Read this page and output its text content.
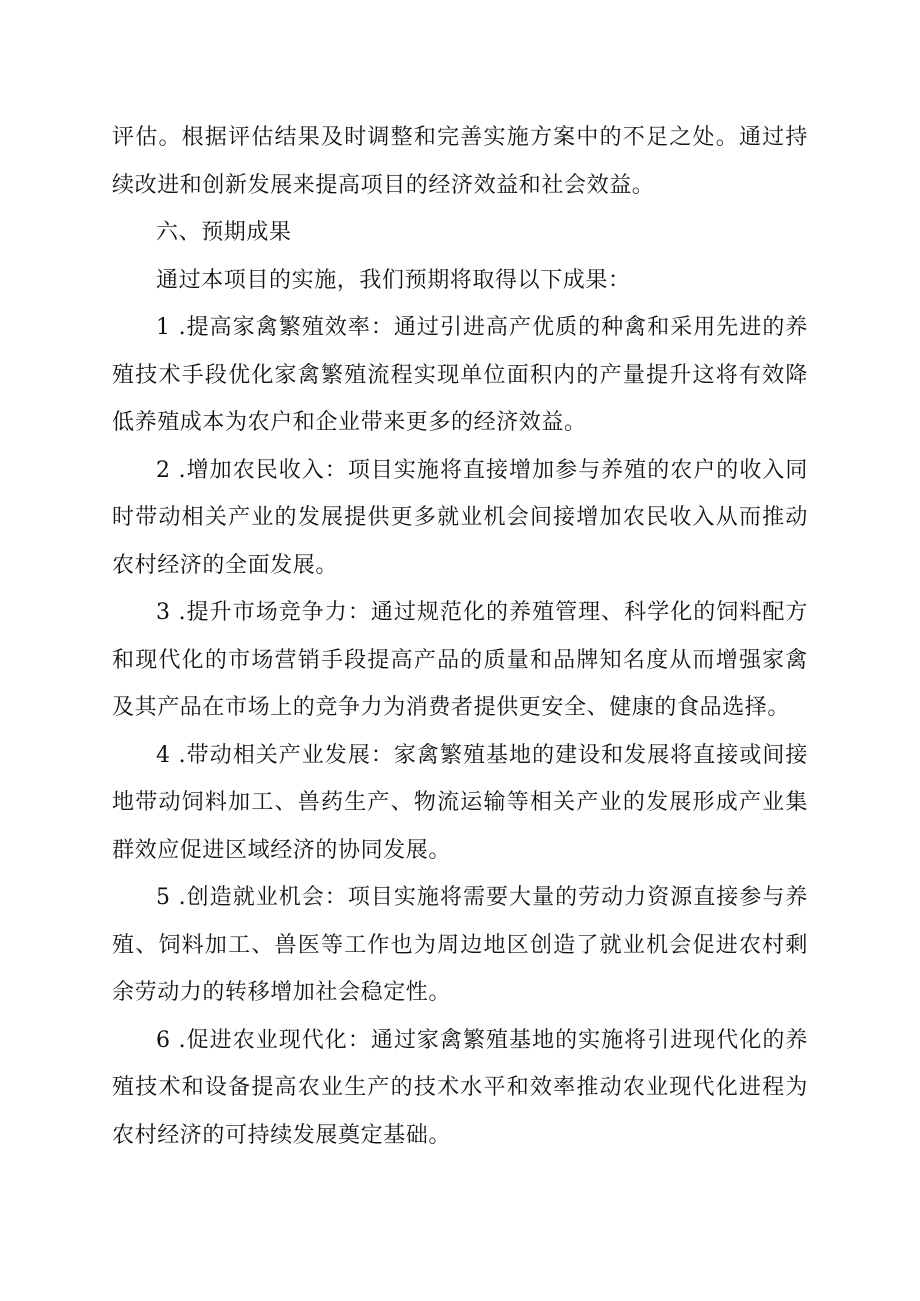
评估。根据评估结果及时调整和完善实施方案中的不足之处。通过持续改进和创新发展来提高项目的经济效益和社会效益。

六、预期成果

通过本项目的实施，我们预期将取得以下成果：

1 .提高家禽繁殖效率：通过引进高产优质的种禽和采用先进的养殖技术手段优化家禽繁殖流程实现单位面积内的产量提升这将有效降低养殖成本为农户和企业带来更多的经济效益。

2 .增加农民收入：项目实施将直接增加参与养殖的农户的收入同时带动相关产业的发展提供更多就业机会间接增加农民收入从而推动农村经济的全面发展。

3 .提升市场竞争力：通过规范化的养殖管理、科学化的饲料配方和现代化的市场营销手段提高产品的质量和品牌知名度从而增强家禽及其产品在市场上的竞争力为消费者提供更安全、健康的食品选择。

4 .带动相关产业发展：家禽繁殖基地的建设和发展将直接或间接地带动饲料加工、兽药生产、物流运输等相关产业的发展形成产业集群效应促进区域经济的协同发展。

5 .创造就业机会：项目实施将需要大量的劳动力资源直接参与养殖、饲料加工、兽医等工作也为周边地区创造了就业机会促进农村剩余劳动力的转移增加社会稳定性。

6 .促进农业现代化：通过家禽繁殖基地的实施将引进现代化的养殖技术和设备提高农业生产的技术水平和效率推动农业现代化进程为农村经济的可持续发展奠定基础。
